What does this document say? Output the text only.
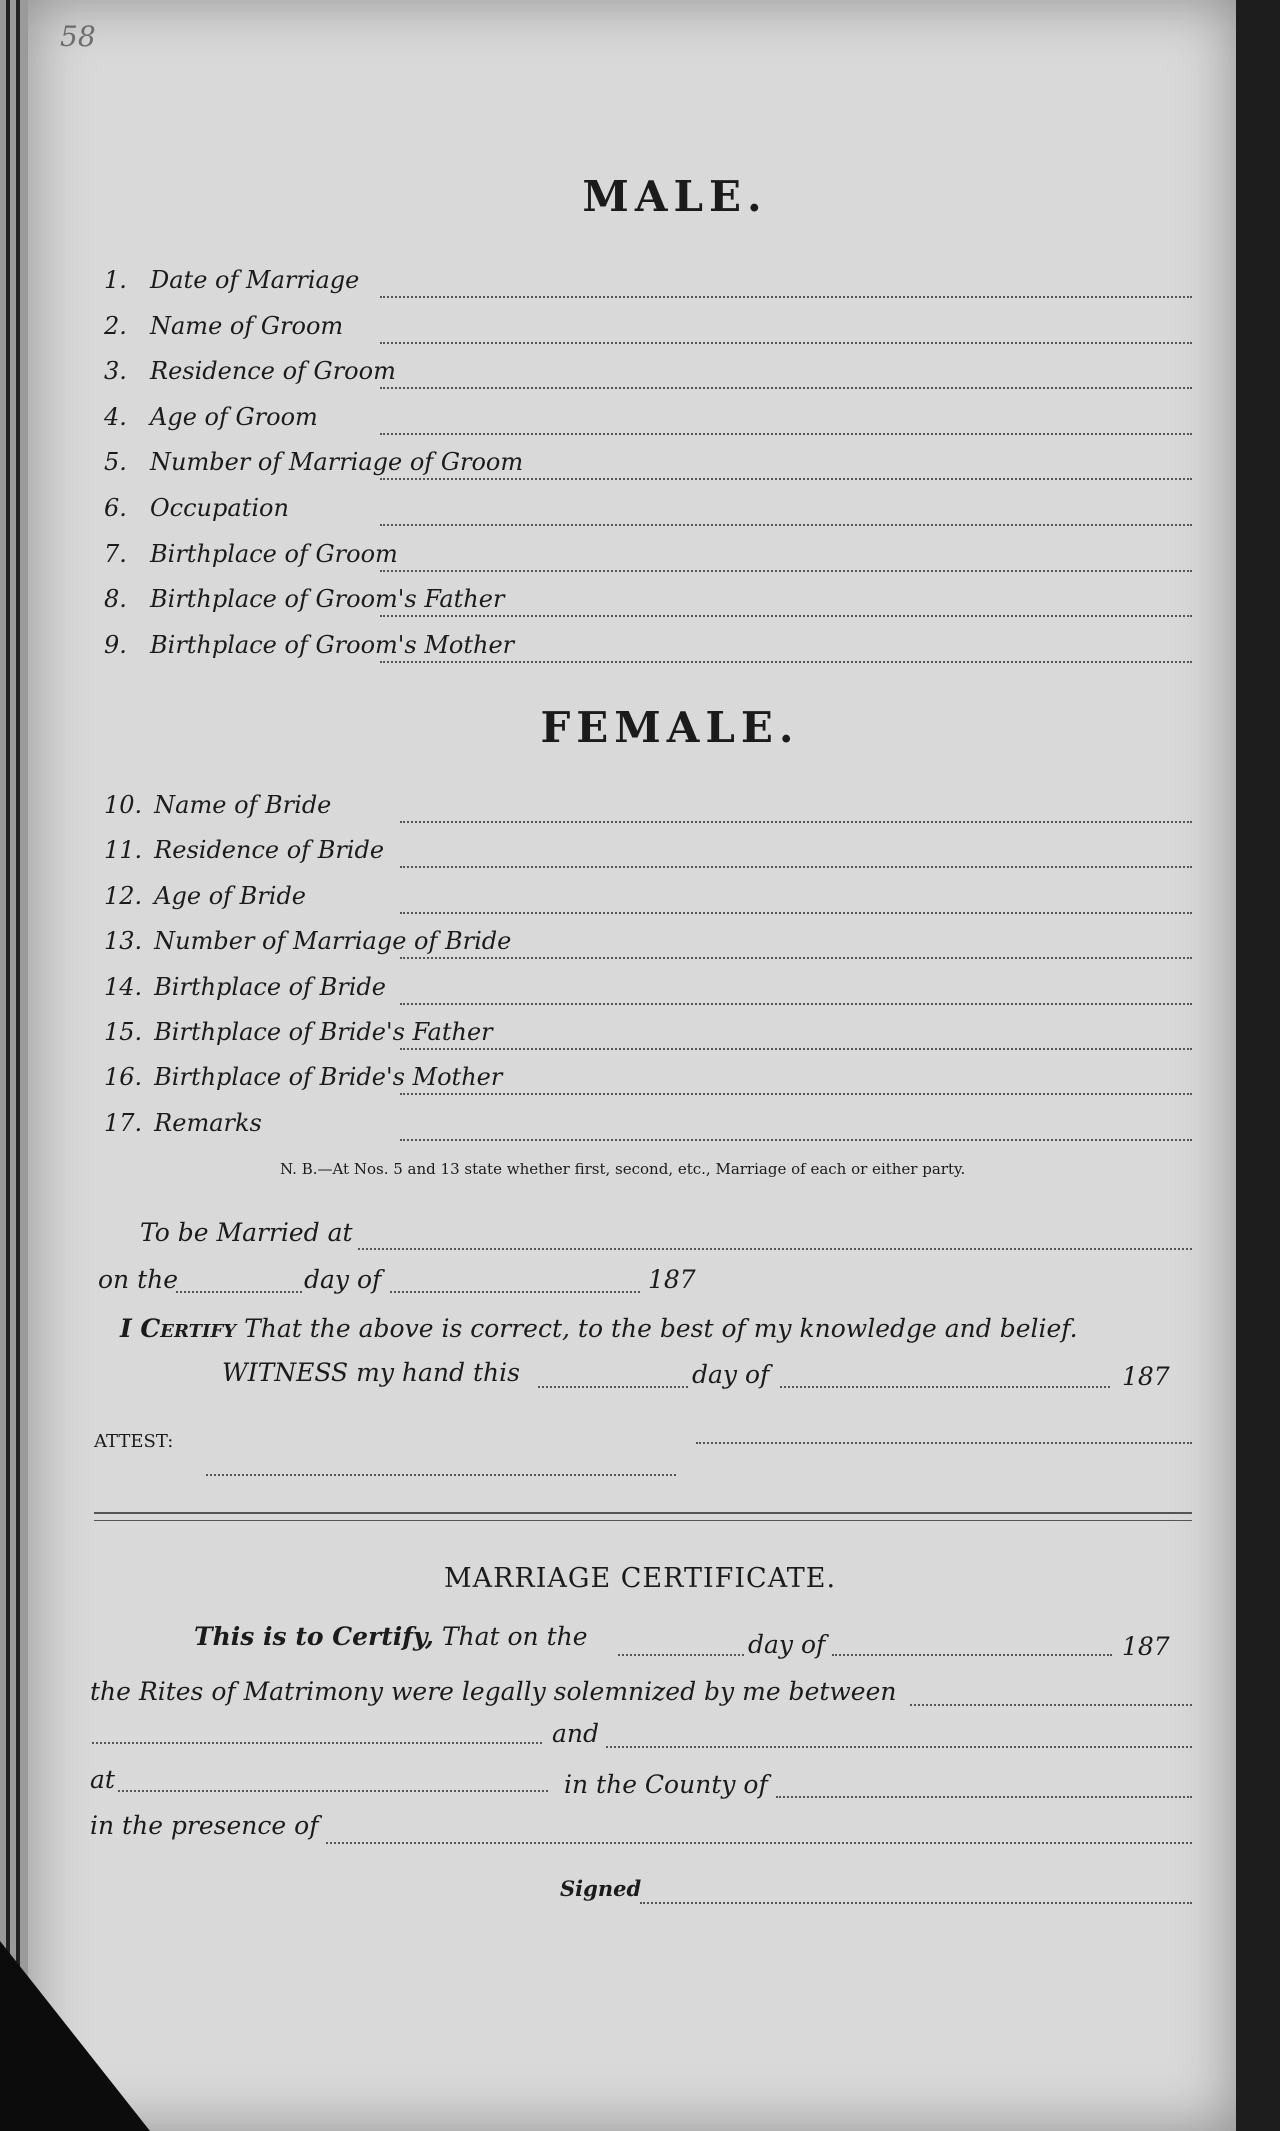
58
MALE.
1. Date of Marriage
2. Name of Groom
3. Residence of Groom
4. Age of Groom
5. Number of Marriage of Groom
6. Occupation
7. Birthplace of Groom
8. Birthplace of Groom's Father
9. Birthplace of Groom's Mother
FEMALE.
10. Name of Bride
11. Residence of Bride
12. Age of Bride
13. Number of Marriage of Bride
14. Birthplace of Bride
15. Birthplace of Bride's Father
16. Birthplace of Bride's Mother
17. Remarks
N. B.—At Nos. 5 and 13 state whether first, second, etc., Marriage of each or either party.
To be Married at
on the	day of	187
I Certify That the above is correct, to the best of my knowledge and belief.
WITNESS my hand this	day of	187
ATTEST:
MARRIAGE CERTIFICATE.
This is to Certify, That on the	day of	187
the Rites of Matrimony were legally solemnized by me between
and
at	in the County of
in the presence of
Signed
